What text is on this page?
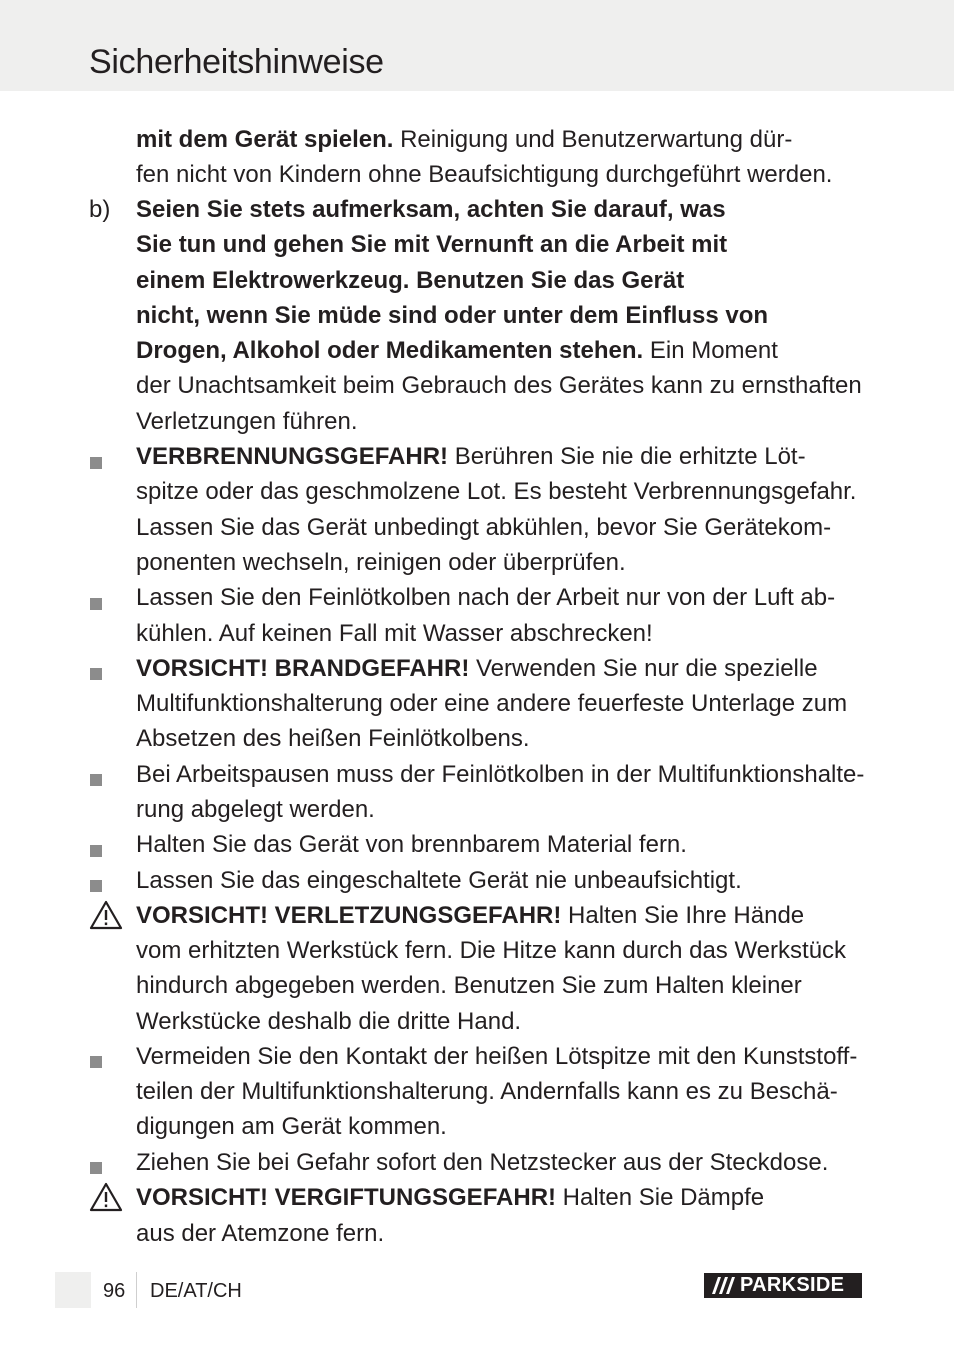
Sicherheitshinweise
mit dem Gerät spielen. Reinigung und Benutzerwartung dür-
fen nicht von Kindern ohne Beaufsichtigung durchgeführt werden.
b) Seien Sie stets aufmerksam, achten Sie darauf, was
Sie tun und gehen Sie mit Vernunft an die Arbeit mit
einem Elektrowerkzeug. Benutzen Sie das Gerät
nicht, wenn Sie müde sind oder unter dem Einfluss von
Drogen, Alkohol oder Medikamenten stehen. Ein Moment
der Unachtsamkeit beim Gebrauch des Gerätes kann zu ernsthaften
Verletzungen führen.
VERBRENNUNGSGEFAHR! Berühren Sie nie die erhitzte Löt-
spitze oder das geschmolzene Lot. Es besteht Verbrennungsgefahr.
Lassen Sie das Gerät unbedingt abkühlen, bevor Sie Gerätekom-
ponenten wechseln, reinigen oder überprüfen.
Lassen Sie den Feinlötkolben nach der Arbeit nur von der Luft ab-
kühlen. Auf keinen Fall mit Wasser abschrecken!
VORSICHT! BRANDGEFAHR! Verwenden Sie nur die spezielle
Multifunktionshalterung oder eine andere feuerfeste Unterlage zum
Absetzen des heißen Feinlötkolbens.
Bei Arbeitspausen muss der Feinlötkolben in der Multifunktionshalte-
rung abgelegt werden.
Halten Sie das Gerät von brennbarem Material fern.
Lassen Sie das eingeschaltete Gerät nie unbeaufsichtigt.
VORSICHT! VERLETZUNGSGEFAHR! Halten Sie Ihre Hände
vom erhitzten Werkstück fern. Die Hitze kann durch das Werkstück
hindurch abgegeben werden. Benutzen Sie zum Halten kleiner
Werkstücke deshalb die dritte Hand.
Vermeiden Sie den Kontakt der heißen Lötspitze mit den Kunststoff-
teilen der Multifunktionshalterung. Andernfalls kann es zu Beschä-
digungen am Gerät kommen.
Ziehen Sie bei Gefahr sofort den Netzstecker aus der Steckdose.
VORSICHT! VERGIFTUNGSGEFAHR! Halten Sie Dämpfe
aus der Atemzone fern.
96 DE/AT/CH	PARKSIDE
